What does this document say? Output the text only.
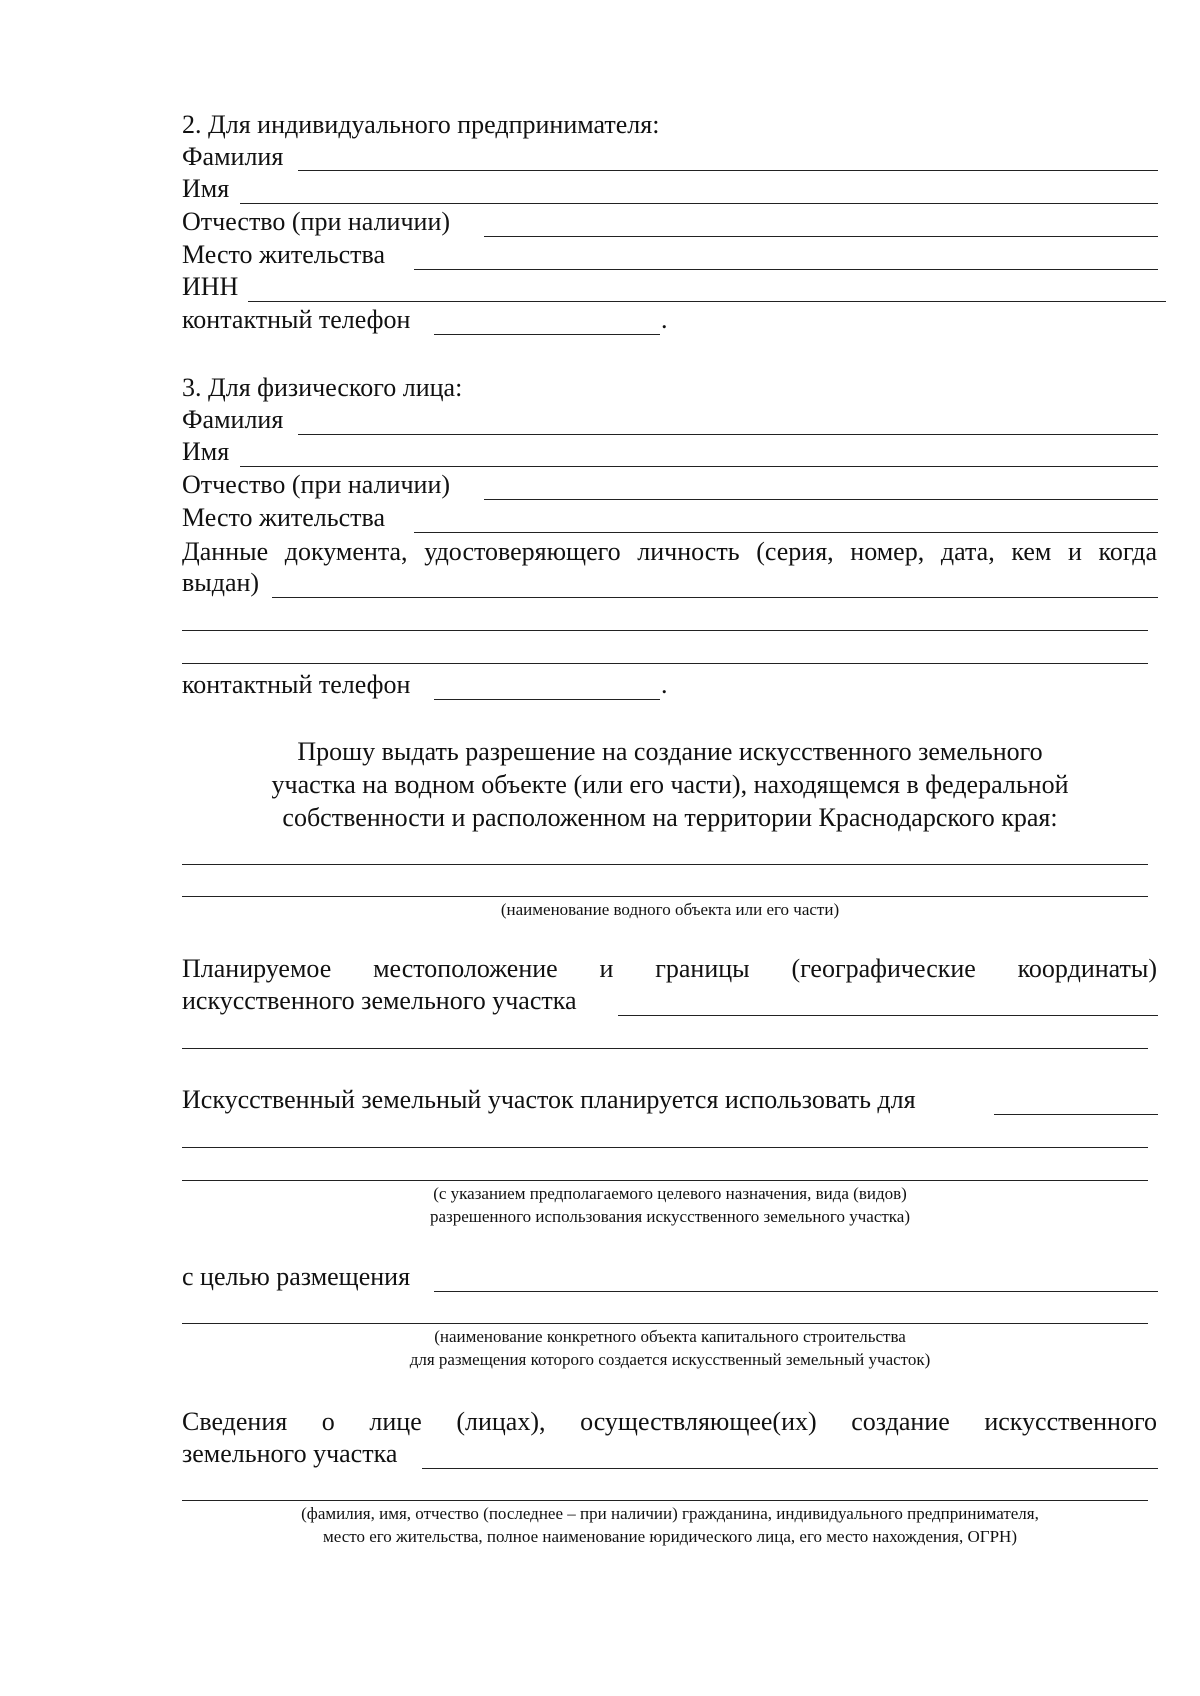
2. Для индивидуального предпринимателя:
Фамилия
Имя
Отчество (при наличии)
Место жительства
ИНН
контактный телефон	.
3. Для физического лица:
Фамилия
Имя
Отчество (при наличии)
Место жительства
Данные документа, удостоверяющего личность (серия, номер, дата, кем и когда
выдан)
контактный телефон	.
Прошу выдать разрешение на создание искусственного земельного
участка на водном объекте (или его части), находящемся в федеральной
собственности и расположенном на территории Краснодарского края:
(наименование водного объекта или его части)
Планируемое местоположение и границы (географические координаты)
искусственного земельного участка
Искусственный земельный участок планируется использовать для
(с указанием предполагаемого целевого назначения, вида (видов)
разрешенного использования искусственного земельного участка)
с целью размещения
(наименование конкретного объекта капитального строительства
для размещения которого создается искусственный земельный участок)
Сведения о лице (лицах), осуществляющее(их) создание искусственного
земельного участка
(фамилия, имя, отчество (последнее – при наличии) гражданина, индивидуального предпринимателя,
место его жительства, полное наименование юридического лица, его место нахождения, ОГРН)
